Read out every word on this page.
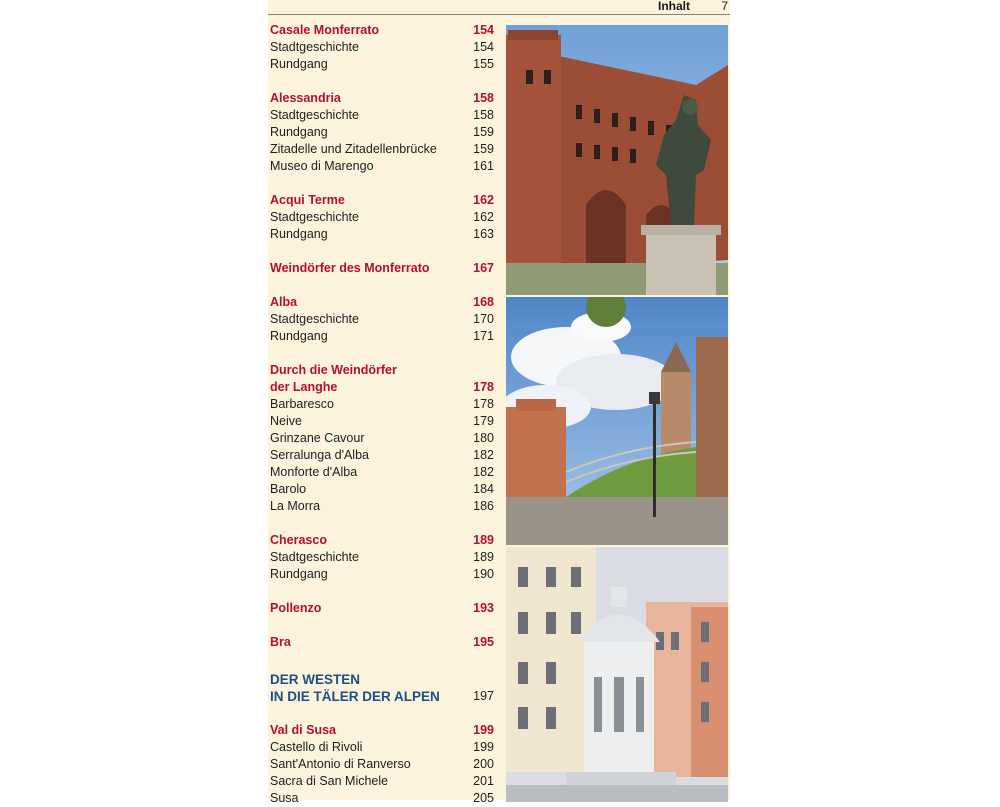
Inhalt	7
Casale Monferrato	154
Stadtgeschichte	154
Rundgang	155
Alessandria	158
Stadtgeschichte	158
Rundgang	159
Zitadelle und Zitadellenbrücke	159
Museo di Marengo	161
Acqui Terme	162
Stadtgeschichte	162
Rundgang	163
Weindörfer des Monferrato	167
Alba	168
Stadtgeschichte	170
Rundgang	171
Durch die Weindörfer
der Langhe	178
Barbaresco	178
Neive	179
Grinzane Cavour	180
Serralunga d'Alba	182
Monforte d'Alba	182
Barolo	184
La Morra	186
Cherasco	189
Stadtgeschichte	189
Rundgang	190
Pollenzo	193
Bra	195
DER WESTEN
IN DIE TÄLER DER ALPEN	197
Val di Susa	199
Castello di Rivoli	199
Sant'Antonio di Ranverso	200
Sacra di San Michele	201
Susa	205
